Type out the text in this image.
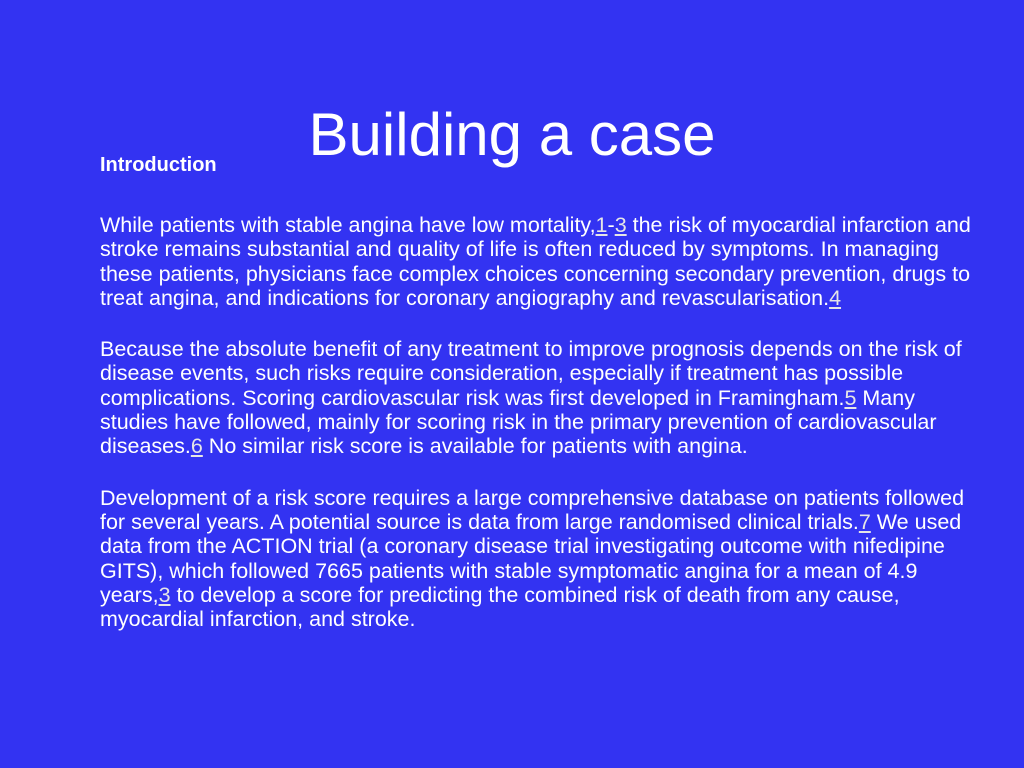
Building a case
Introduction

While patients with stable angina have low mortality,1-3 the risk of myocardial infarction and stroke remains substantial and quality of life is often reduced by symptoms. In managing these patients, physicians face complex choices concerning secondary prevention, drugs to treat angina, and indications for coronary angiography and revascularisation.4

Because the absolute benefit of any treatment to improve prognosis depends on the risk of disease events, such risks require consideration, especially if treatment has possible complications. Scoring cardiovascular risk was first developed in Framingham.5 Many studies have followed, mainly for scoring risk in the primary prevention of cardiovascular diseases.6 No similar risk score is available for patients with angina.

Development of a risk score requires a large comprehensive database on patients followed for several years. A potential source is data from large randomised clinical trials.7 We used data from the ACTION trial (a coronary disease trial investigating outcome with nifedipine GITS), which followed 7665 patients with stable symptomatic angina for a mean of 4.9 years,3 to develop a score for predicting the combined risk of death from any cause, myocardial infarction, and stroke.
